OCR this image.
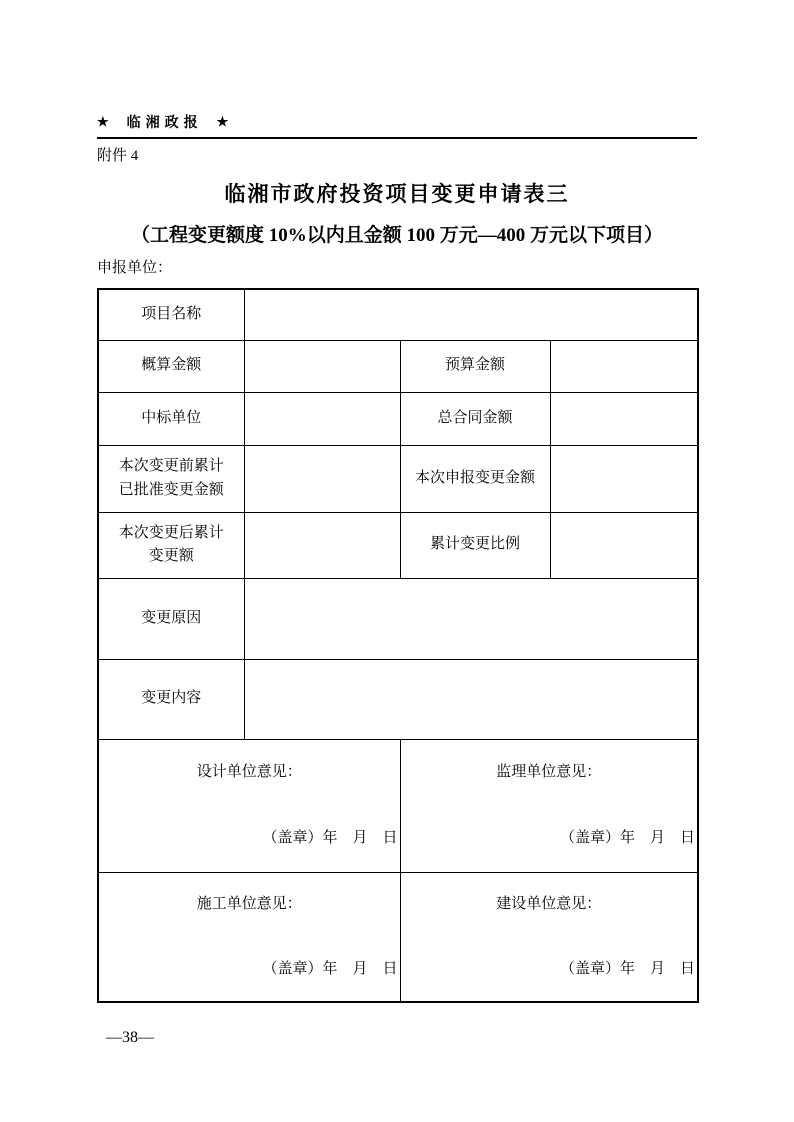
★ 临湘政报 ★
附件 4
临湘市政府投资项目变更申请表三
（工程变更额度 10%以内且金额 100 万元—400 万元以下项目）
申报单位：
项目名称			
概算金额		预算金额	
中标单位		总合同金额	

本次变更前累计
已批准变更金额		本次申报变更金额	

本次变更后累计
变更额		累计变更比例	
变更原因			
变更内容			

设计单位意见：
（盖章）年　月　日

监理单位意见：
（盖章）年　月　日

施工单位意见：
（盖章）年　月　日

建设单位意见：
（盖章）年　月　日
—38—
